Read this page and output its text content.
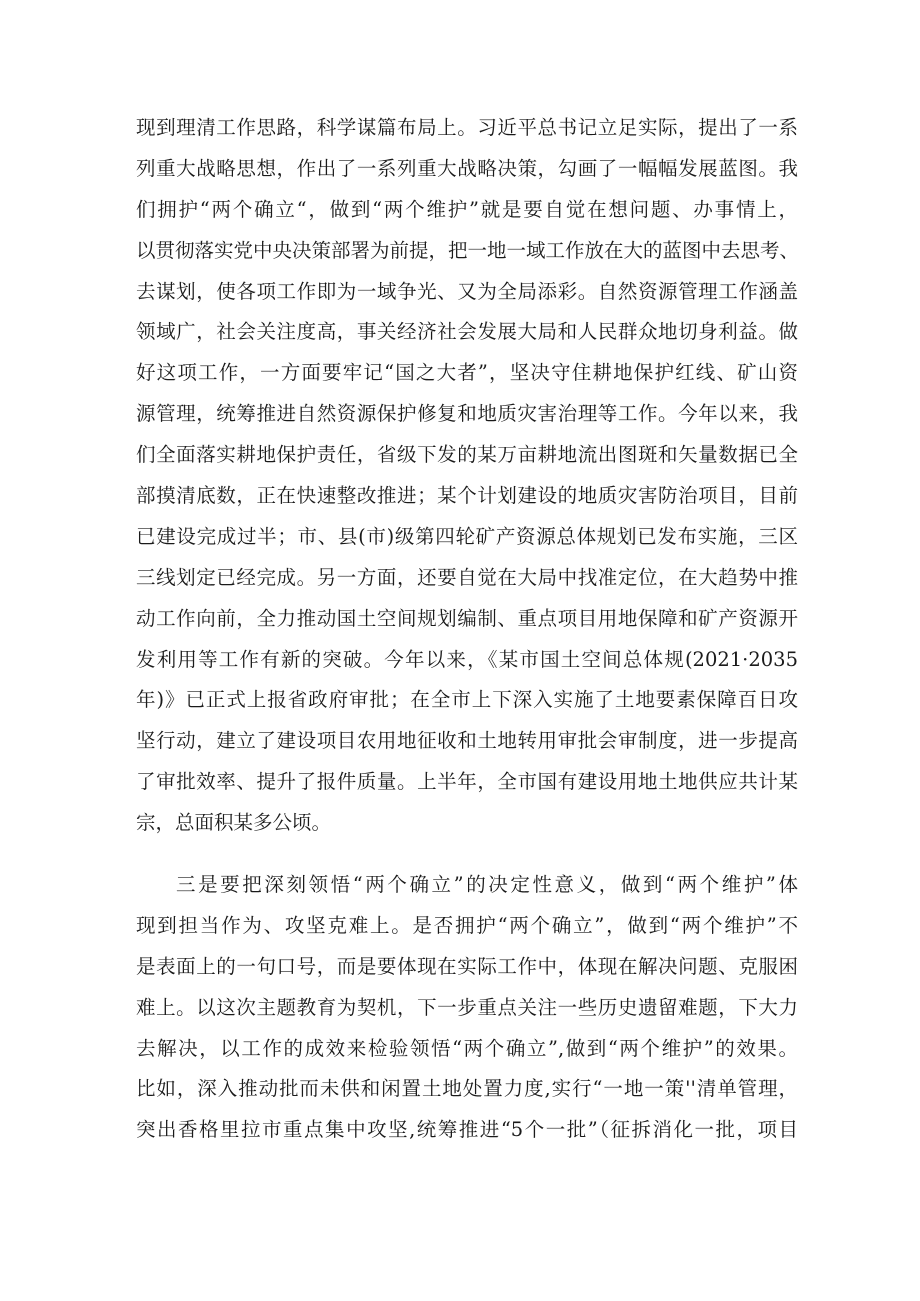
现到理清工作思路，科学谋篇布局上。习近平总书记立足实际，提出了一系
列重大战略思想，作出了一系列重大战略决策，勾画了一幅幅发展蓝图。我
们拥护“两个确立“，做到“两个维护”就是要自觉在想问题、办事情上，
以贯彻落实党中央决策部署为前提，把一地一域工作放在大的蓝图中去思考、
去谋划，使各项工作即为一域争光、又为全局添彩。自然资源管理工作涵盖
领域广，社会关注度高，事关经济社会发展大局和人民群众地切身利益。做
好这项工作，一方面要牢记“国之大者”，坚决守住耕地保护红线、矿山资
源管理，统筹推进自然资源保护修复和地质灾害治理等工作。今年以来，我
们全面落实耕地保护责任，省级下发的某万亩耕地流出图斑和矢量数据已全
部摸清底数，正在快速整改推进；某个计划建设的地质灾害防治项目，目前
已建设完成过半；市、县(市)级第四轮矿产资源总体规划已发布实施，三区
三线划定已经完成。另一方面，还要自觉在大局中找准定位，在大趋势中推
动工作向前，全力推动国土空间规划编制、重点项目用地保障和矿产资源开
发利用等工作有新的突破。今年以来，《某市国土空间总体规(2021·2035
年)》已正式上报省政府审批；在全市上下深入实施了土地要素保障百日攻
坚行动，建立了建设项目农用地征收和土地转用审批会审制度，进一步提高
了审批效率、提升了报件质量。上半年，全市国有建设用地土地供应共计某
宗，总面积某多公顷。
三是要把深刻领悟“两个确立”的决定性意义，做到“两个维护”体
现到担当作为、攻坚克难上。是否拥护“两个确立”，做到“两个维护”不
是表面上的一句口号，而是要体现在实际工作中，体现在解决问题、克服困
难上。以这次主题教育为契机，下一步重点关注一些历史遗留难题，下大力
去解决，以工作的成效来检验领悟“两个确立”,做到“两个维护”的效果。
比如，深入推动批而未供和闲置土地处置力度,实行“一地一策''清单管理，
突出香格里拉市重点集中攻坚,统筹推进“5个一批”（征拆消化一批，项目
